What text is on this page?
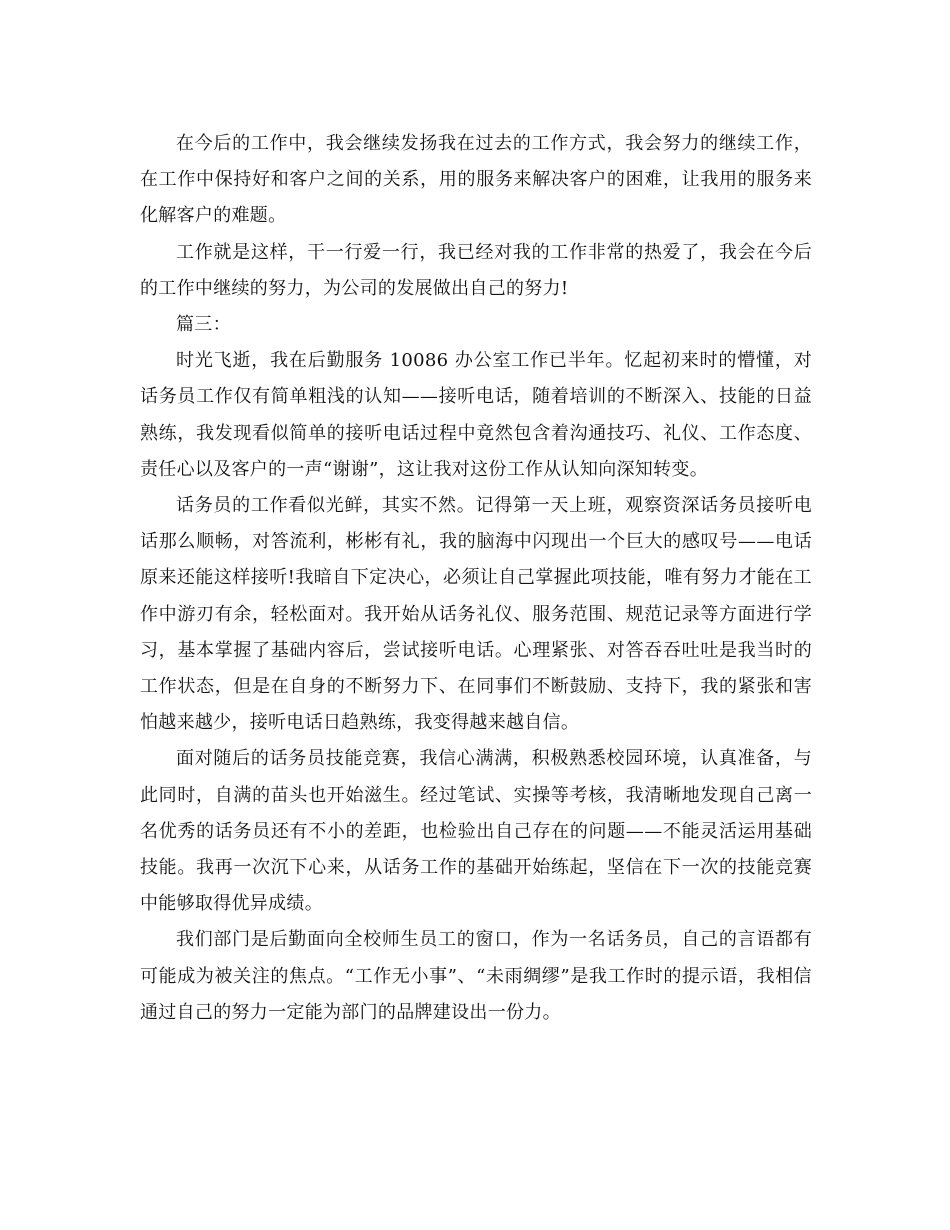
在今后的工作中，我会继续发扬我在过去的工作方式，我会努力的继续工作，在工作中保持好和客户之间的关系，用的服务来解决客户的困难，让我用的服务来化解客户的难题。

工作就是这样，干一行爱一行，我已经对我的工作非常的热爱了，我会在今后的工作中继续的努力，为公司的发展做出自己的努力!

篇三：

时光飞逝，我在后勤服务 10086 办公室工作已半年。忆起初来时的懵懂，对话务员工作仅有简单粗浅的认知——接听电话，随着培训的不断深入、技能的日益熟练，我发现看似简单的接听电话过程中竟然包含着沟通技巧、礼仪、工作态度、责任心以及客户的一声“谢谢”，这让我对这份工作从认知向深知转变。

话务员的工作看似光鲜，其实不然。记得第一天上班，观察资深话务员接听电话那么顺畅，对答流利，彬彬有礼，我的脑海中闪现出一个巨大的感叹号——电话原来还能这样接听!我暗自下定决心，必须让自己掌握此项技能，唯有努力才能在工作中游刃有余，轻松面对。我开始从话务礼仪、服务范围、规范记录等方面进行学习，基本掌握了基础内容后，尝试接听电话。心理紧张、对答吞吞吐吐是我当时的工作状态，但是在自身的不断努力下、在同事们不断鼓励、支持下，我的紧张和害怕越来越少，接听电话日趋熟练，我变得越来越自信。

面对随后的话务员技能竞赛，我信心满满，积极熟悉校园环境，认真准备，与此同时，自满的苗头也开始滋生。经过笔试、实操等考核，我清晰地发现自己离一名优秀的话务员还有不小的差距，也检验出自己存在的问题——不能灵活运用基础技能。我再一次沉下心来，从话务工作的基础开始练起，坚信在下一次的技能竞赛中能够取得优异成绩。

我们部门是后勤面向全校师生员工的窗口，作为一名话务员，自己的言语都有可能成为被关注的焦点。“工作无小事”、“未雨绸缪”是我工作时的提示语，我相信通过自己的努力一定能为部门的品牌建设出一份力。
